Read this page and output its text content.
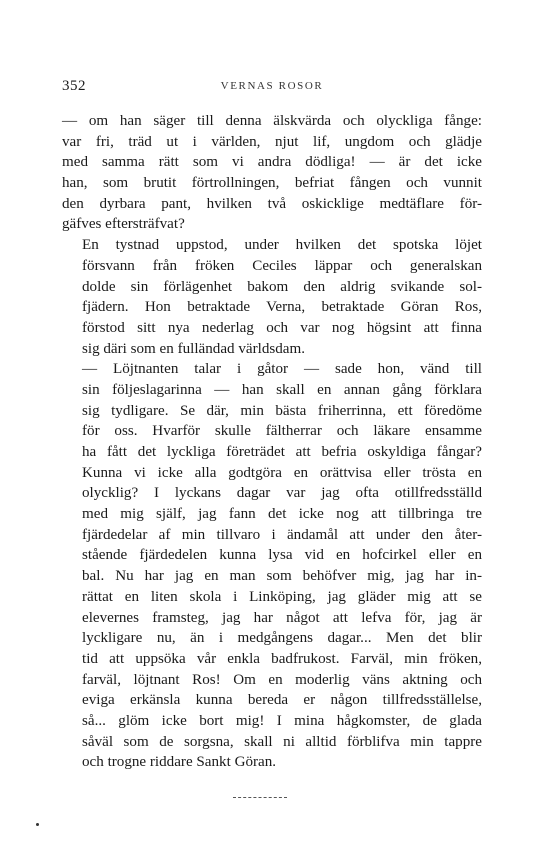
352	VERNAS ROSOR

— om han säger till denna älskvärda och olyckliga fånge:
var fri, träd ut i världen, njut lif, ungdom och glädje
med samma rätt som vi andra dödliga! — är det icke
han, som brutit förtrollningen, befriat fången och vunnit
den dyrbara pant, hvilken två oskicklige medtäflare för-
gäfves eftersträfvat?

En tystnad uppstod, under hvilken det spotska löjet
försvann från fröken Ceciles läppar och generalskan
dolde sin förlägenhet bakom den aldrig svikande sol-
fjädern. Hon betraktade Verna, betraktade Göran Ros,
förstod sitt nya nederlag och var nog högsint att finna
sig däri som en fulländad världsdam.

— Löjtnanten talar i gåtor — sade hon, vänd till
sin följeslagarinna — han skall en annan gång förklara
sig tydligare. Se där, min bästa friherrinna, ett föredöme
för oss. Hvarför skulle fältherrar och läkare ensamme
ha fått det lyckliga företrädet att befria oskyldiga fångar?
Kunna vi icke alla godtgöra en orättvisa eller trösta en
olycklig? I lyckans dagar var jag ofta otillfredsställd
med mig själf, jag fann det icke nog att tillbringa tre
fjärdedelar af min tillvaro i ändamål att under den åter-
stående fjärdedelen kunna lysa vid en hofcirkel eller en
bal. Nu har jag en man som behöfver mig, jag har in-
rättat en liten skola i Linköping, jag gläder mig att se
elevernes framsteg, jag har något att lefva för, jag är
lyckligare nu, än i medgångens dagar... Men det blir
tid att uppsöka vår enkla badfrukost. Farväl, min fröken,
farväl, löjtnant Ros! Om en moderlig väns aktning och
eviga erkänsla kunna bereda er någon tillfredsställelse,
så... glöm icke bort mig! I mina hågkomster, de glada
såväl som de sorgsna, skall ni alltid förblifva min tappre
och trogne riddare Sankt Göran.
